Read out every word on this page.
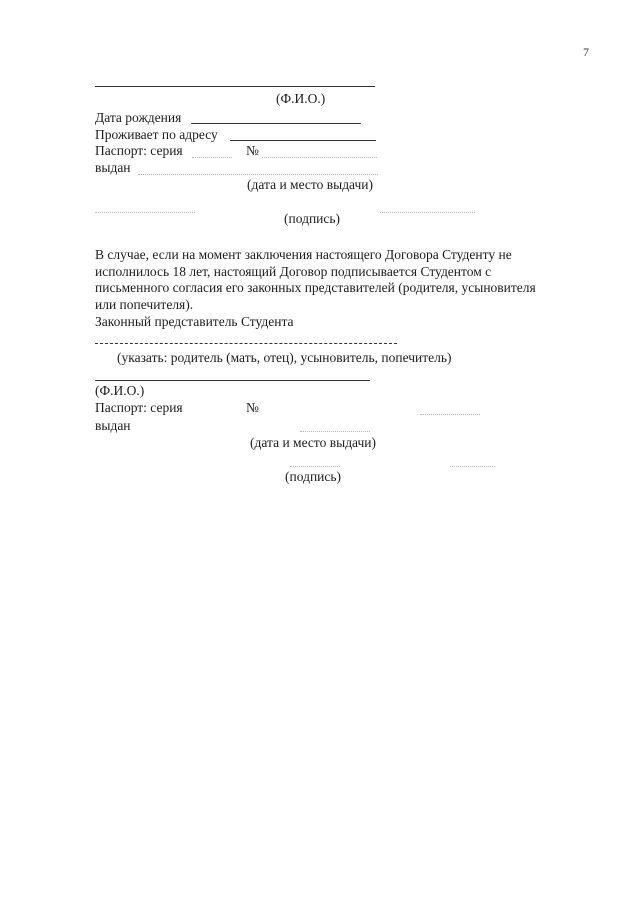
7
(Ф.И.О.)
Дата рождения
Проживает по адресу
Паспорт: серия	№
выдан
(дата и место выдачи)
(подпись)
В случае, если на момент заключения настоящего Договора Студенту не
исполнилось 18 лет, настоящий Договор подписывается Студентом с
письменного согласия его законных представителей (родителя, усыновителя
или попечителя).
Законный представитель Студента
(указать: родитель (мать, отец), усыновитель, попечитель)
(Ф.И.О.)
Паспорт: серия	№
выдан
(дата и место выдачи)
(подпись)
